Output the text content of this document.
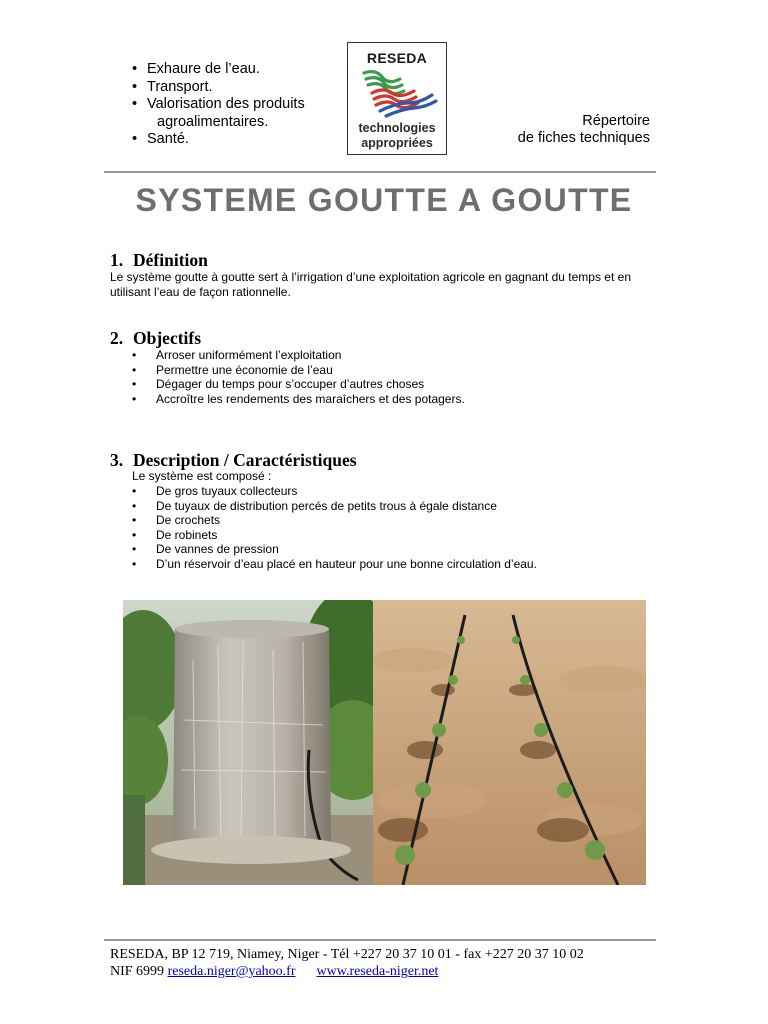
• Exhaure de l’eau.
• Transport.
• Valorisation des produits
agroalimentaires.
• Santé.
RESEDA
technologies
appropriées
Répertoire
de fiches techniques
SYSTEME GOUTTE A GOUTTE
1. Définition
Le système goutte à goutte sert à l’irrigation d’une exploitation agricole en gagnant du temps et en utilisant l’eau de façon rationnelle.
2. Objectifs
• Arroser uniformément l’exploitation
• Permettre une économie de l’eau
• Dégager du temps pour s’occuper d’autres choses
• Accroître les rendements des maraîchers et des potagers.
3. Description / Caractéristiques
Le système est composé :
• De gros tuyaux collecteurs
• De tuyaux de distribution percés de petits trous à égale distance
• De crochets
• De robinets
• De vannes de pression
• D’un réservoir d’eau placé en hauteur pour une bonne circulation d’eau.
RESEDA, BP 12 719, Niamey, Niger - Tél +227 20 37 10 01 - fax +227 20 37 10 02
NIF 6999 reseda.niger@yahoo.fr www.reseda-niger.net
